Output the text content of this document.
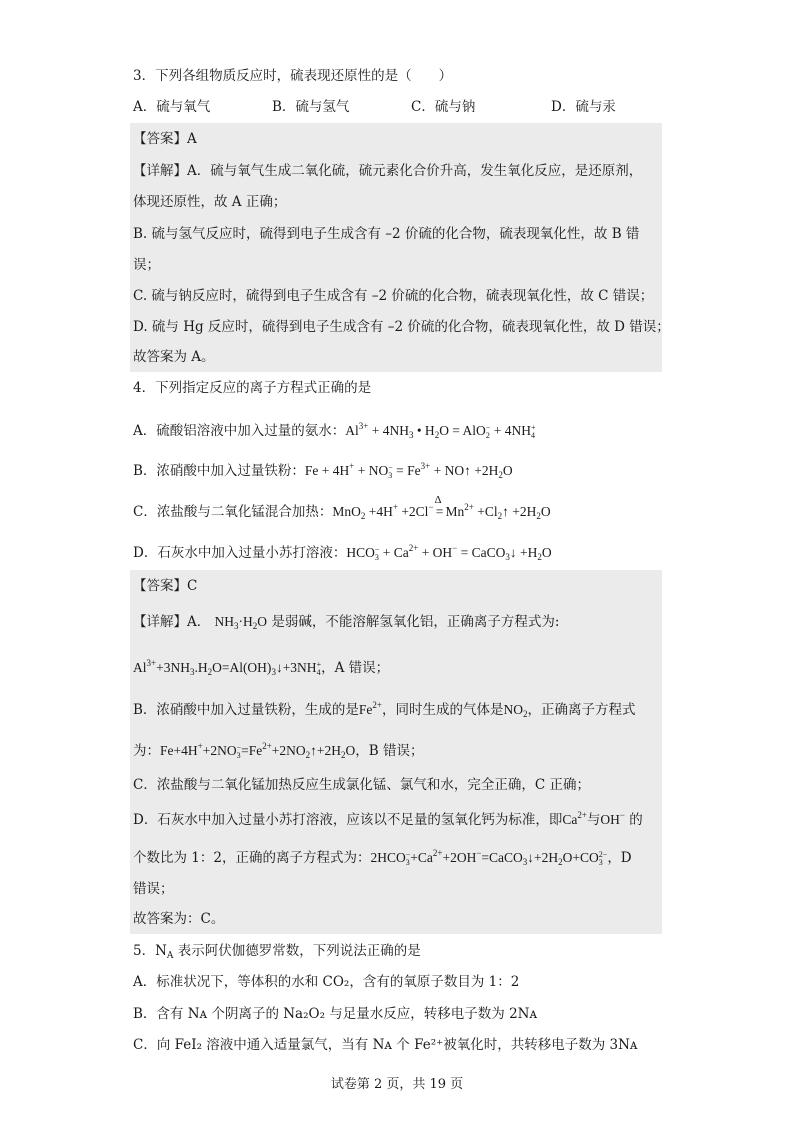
3．下列各组物质反应时，硫表现还原性的是（　　）
A．硫与氧气	B．硫与氢气	C．硫与钠	D．硫与汞
【答案】A
【详解】A．硫与氧气生成二氧化硫，硫元素化合价升高，发生氧化反应，是还原剂，
体现还原性，故 A 正确；
B. 硫与氢气反应时，硫得到电子生成含有 –2 价硫的化合物，硫表现氧化性，故 B 错
误；
C. 硫与钠反应时，硫得到电子生成含有 –2 价硫的化合物，硫表现氧化性，故 C 错误；
D. 硫与 Hg 反应时，硫得到电子生成含有 –2 价硫的化合物，硫表现氧化性，故 D 错误；
故答案为 A。
4．下列指定反应的离子方程式正确的是
A．硫酸铝溶液中加入过量的氨水：$Al^{3+} + 4NH_3$ • $H_2O$ = AlO −
2 + 4NH +
4
B．浓硝酸中加入过量铁粉：Fe + 4H+ + NO −
$3 = Fe^{3+}$ + NO↑ $+2H_2O$
C．浓盐酸与二氧化锰混合加热：MnO$_2$ +4H+ +2Cl−
Δ
= $Mn^{2+}$ $+Cl_2↑ +2H_2O$
D．石灰水中加入过量小苏打溶液：HCO −
$3 + Ca^{2+} + OH^-$ = CaCO$_3$↓ $+H_2O$
【答案】C
【详解】A． $NH_3\cdot H_2O$ 是弱碱，不能溶解氢氧化铝，正确离子方程式为:
$Al^{3+}+3NH_3.H_2O=Al(OH)_3↓+3NH$ +
4 ，A 错误；
B．浓硝酸中加入过量铁粉，生成的是$Fe^{2+}$，同时生成的气体是$NO_2$，正确离子方程式
为：Fe+4H++2NO −
$3 =Fe^{2+}+2NO_2↑+2H_2O$，B 错误；
C．浓盐酸与二氧化锰加热反应生成氯化锰、氯气和水，完全正确，C 正确；
D．石灰水中加入过量小苏打溶液，应该以不足量的氢氧化钙为标准，即$Ca^{2+}$与OH− 的
个数比为 1：2，正确的离子方程式为：2HCO −
$3 +Ca^{2+}+2OH^-=CaCO_3↓+2H_2O+CO$ 2−
3 ，D
错误；
故答案为：C。
5．$N_A$ 表示阿伏伽德罗常数，下列说法正确的是
A．标准状况下，等体积的水和 CO₂，含有的氧原子数目为 1：2
B．含有 Nᴀ 个阴离子的 Na₂O₂ 与足量水反应，转移电子数为 2Nᴀ
C．向 FeI₂ 溶液中通入适量氯气，当有 Nᴀ 个 Fe²⁺被氧化时，共转移电子数为 3Nᴀ
试卷第 2 页，共 19 页
